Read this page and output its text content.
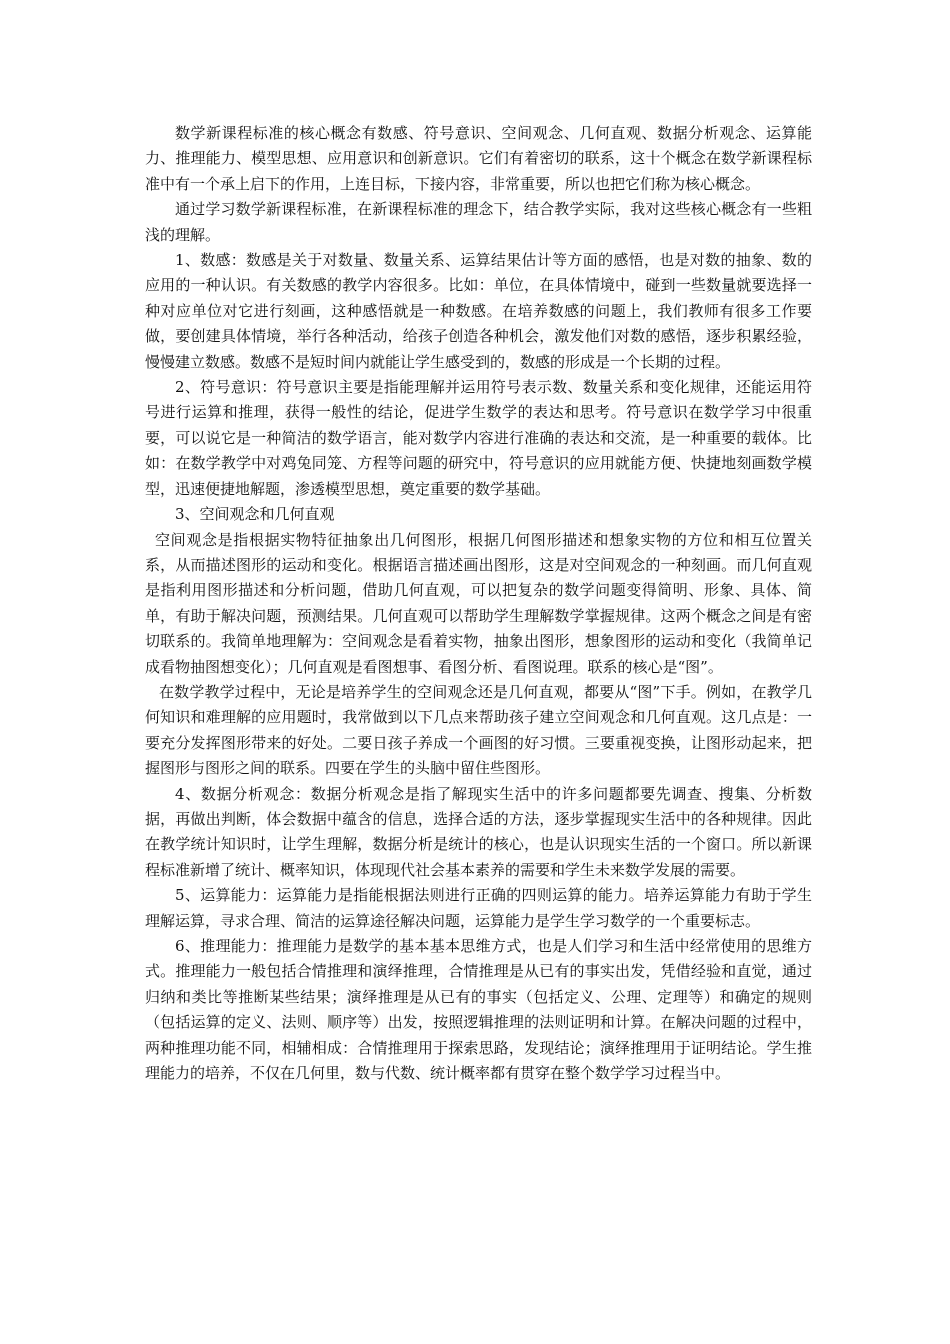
数学新课程标准的核心概念有数感、符号意识、空间观念、几何直观、数据分析观念、运算能力、推理能力、模型思想、应用意识和创新意识。它们有着密切的联系，这十个概念在数学新课程标准中有一个承上启下的作用，上连目标，下接内容，非常重要，所以也把它们称为核心概念。

通过学习数学新课程标准，在新课程标准的理念下，结合教学实际，我对这些核心概念有一些粗浅的理解。

1、数感：数感是关于对数量、数量关系、运算结果估计等方面的感悟，也是对数的抽象、数的应用的一种认识。有关数感的教学内容很多。比如：单位，在具体情境中，碰到一些数量就要选择一种对应单位对它进行刻画，这种感悟就是一种数感。在培养数感的问题上，我们教师有很多工作要做，要创建具体情境，举行各种活动，给孩子创造各种机会，激发他们对数的感悟，逐步积累经验，慢慢建立数感。数感不是短时间内就能让学生感受到的，数感的形成是一个长期的过程。

2、符号意识：符号意识主要是指能理解并运用符号表示数、数量关系和变化规律，还能运用符号进行运算和推理，获得一般性的结论，促进学生数学的表达和思考。符号意识在数学学习中很重要，可以说它是一种简洁的数学语言，能对数学内容进行准确的表达和交流，是一种重要的载体。比如：在数学教学中对鸡兔同笼、方程等问题的研究中，符号意识的应用就能方便、快捷地刻画数学模型，迅速便捷地解题，渗透模型思想，奠定重要的数学基础。

3、空间观念和几何直观

空间观念是指根据实物特征抽象出几何图形，根据几何图形描述和想象实物的方位和相互位置关系，从而描述图形的运动和变化。根据语言描述画出图形，这是对空间观念的一种刻画。而几何直观是指利用图形描述和分析问题，借助几何直观，可以把复杂的数学问题变得简明、形象、具体、简单，有助于解决问题，预测结果。几何直观可以帮助学生理解数学掌握规律。这两个概念之间是有密切联系的。我简单地理解为：空间观念是看着实物，抽象出图形，想象图形的运动和变化（我简单记成看物抽图想变化）；几何直观是看图想事、看图分析、看图说理。联系的核心是“图”。

在数学教学过程中，无论是培养学生的空间观念还是几何直观，都要从“图”下手。例如，在教学几何知识和难理解的应用题时，我常做到以下几点来帮助孩子建立空间观念和几何直观。这几点是：一要充分发挥图形带来的好处。二要日孩子养成一个画图的好习惯。三要重视变换，让图形动起来，把握图形与图形之间的联系。四要在学生的头脑中留住些图形。

4、数据分析观念：数据分析观念是指了解现实生活中的许多问题都要先调查、搜集、分析数据，再做出判断，体会数据中蕴含的信息，选择合适的方法，逐步掌握现实生活中的各种规律。因此在教学统计知识时，让学生理解，数据分析是统计的核心，也是认识现实生活的一个窗口。所以新课程标准新增了统计、概率知识，体现现代社会基本素养的需要和学生未来数学发展的需要。

5、运算能力：运算能力是指能根据法则进行正确的四则运算的能力。培养运算能力有助于学生理解运算，寻求合理、简洁的运算途径解决问题，运算能力是学生学习数学的一个重要标志。

6、推理能力：推理能力是数学的基本基本思维方式，也是人们学习和生活中经常使用的思维方式。推理能力一般包括合情推理和演绎推理，合情推理是从已有的事实出发，凭借经验和直觉，通过归纳和类比等推断某些结果；演绎推理是从已有的事实（包括定义、公理、定理等）和确定的规则（包括运算的定义、法则、顺序等）出发，按照逻辑推理的法则证明和计算。在解决问题的过程中，两种推理功能不同，相辅相成：合情推理用于探索思路，发现结论；演绎推理用于证明结论。学生推理能力的培养，不仅在几何里，数与代数、统计概率都有贯穿在整个数学学习过程当中。
